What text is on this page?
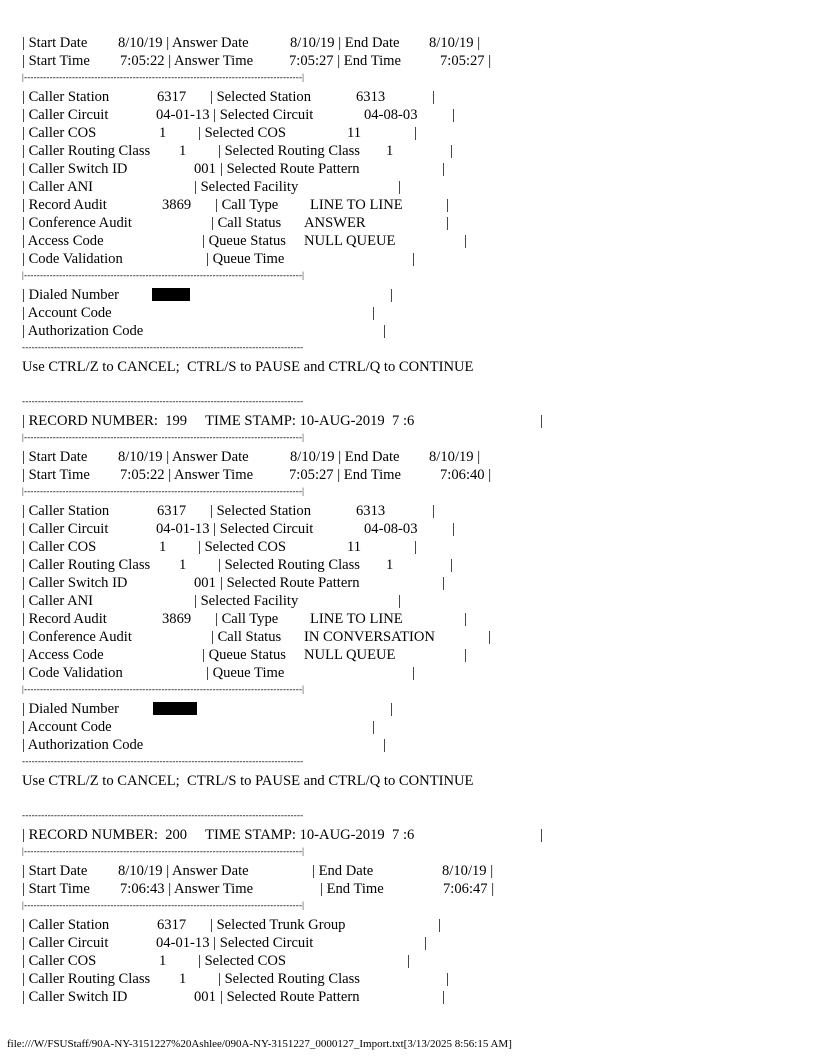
| Start Date 8/10/19 | Answer Date	8/10/19 | End Date 8/10/19 |
| Start Time 7:05:22 | Answer Time 7:05:27 | End Time	7:05:27 |
|---------------------------------------------------------------------------------------|
| Caller Station	6317 | Selected Station	6313	|
| Caller Circuit	04-01-13 | Selected Circuit	04-08-03 |
| Caller COS	1 | Selected COS	11	|
| Caller Routing Class 1 | Selected Routing Class 1	|
| Caller Switch ID	001 | Selected Route Pattern	|
| Caller ANI	| Selected Facility	|
| Record Audit	3869 | Call Type LINE TO LINE	|
| Conference Audit	| Call Status ANSWER	|
| Access Code	| Queue Status NULL QUEUE	|
| Code Validation	| Queue Time	|
|---------------------------------------------------------------------------------------|
| Dialed Number	|
| Account Code	|
| Authorization Code	|
----------------------------------------------------------------------------------------
Use CTRL/Z to CANCEL;  CTRL/S to PAUSE and CTRL/Q to CONTINUE
----------------------------------------------------------------------------------------
| RECORD NUMBER:  199     TIME STAMP: 10-AUG-2019  7 :6	|
|---------------------------------------------------------------------------------------|
| Start Date 8/10/19 | Answer Date	8/10/19 | End Date 8/10/19 |
| Start Time 7:05:22 | Answer Time 7:05:27 | End Time	7:06:40 |
|---------------------------------------------------------------------------------------|
| Caller Station	6317 | Selected Station	6313	|
| Caller Circuit	04-01-13 | Selected Circuit	04-08-03 |
| Caller COS	1 | Selected COS	11	|
| Caller Routing Class 1 | Selected Routing Class 1	|
| Caller Switch ID	001 | Selected Route Pattern	|
| Caller ANI	| Selected Facility	|
| Record Audit	3869 | Call Type LINE TO LINE	|
| Conference Audit	| Call Status IN CONVERSATION	|
| Access Code	| Queue Status NULL QUEUE	|
| Code Validation	| Queue Time	|
|---------------------------------------------------------------------------------------|
| Dialed Number	|
| Account Code	|
| Authorization Code	|
----------------------------------------------------------------------------------------
Use CTRL/Z to CANCEL;  CTRL/S to PAUSE and CTRL/Q to CONTINUE
----------------------------------------------------------------------------------------
| RECORD NUMBER:  200     TIME STAMP: 10-AUG-2019  7 :6	|
|---------------------------------------------------------------------------------------|
| Start Date 8/10/19 | Answer Date	| End Date	8/10/19 |
| Start Time 7:06:43 | Answer Time	| End Time	7:06:47 |
|---------------------------------------------------------------------------------------|
| Caller Station	6317 | Selected Trunk Group	|
| Caller Circuit	04-01-13 | Selected Circuit	|
| Caller COS	1 | Selected COS	|
| Caller Routing Class 1 | Selected Routing Class	|
| Caller Switch ID	001 | Selected Route Pattern	|
file:///W/FSUStaff/90A-NY-3151227%20Ashlee/090A-NY-3151227_0000127_Import.txt[3/13/2025 8:56:15 AM]
